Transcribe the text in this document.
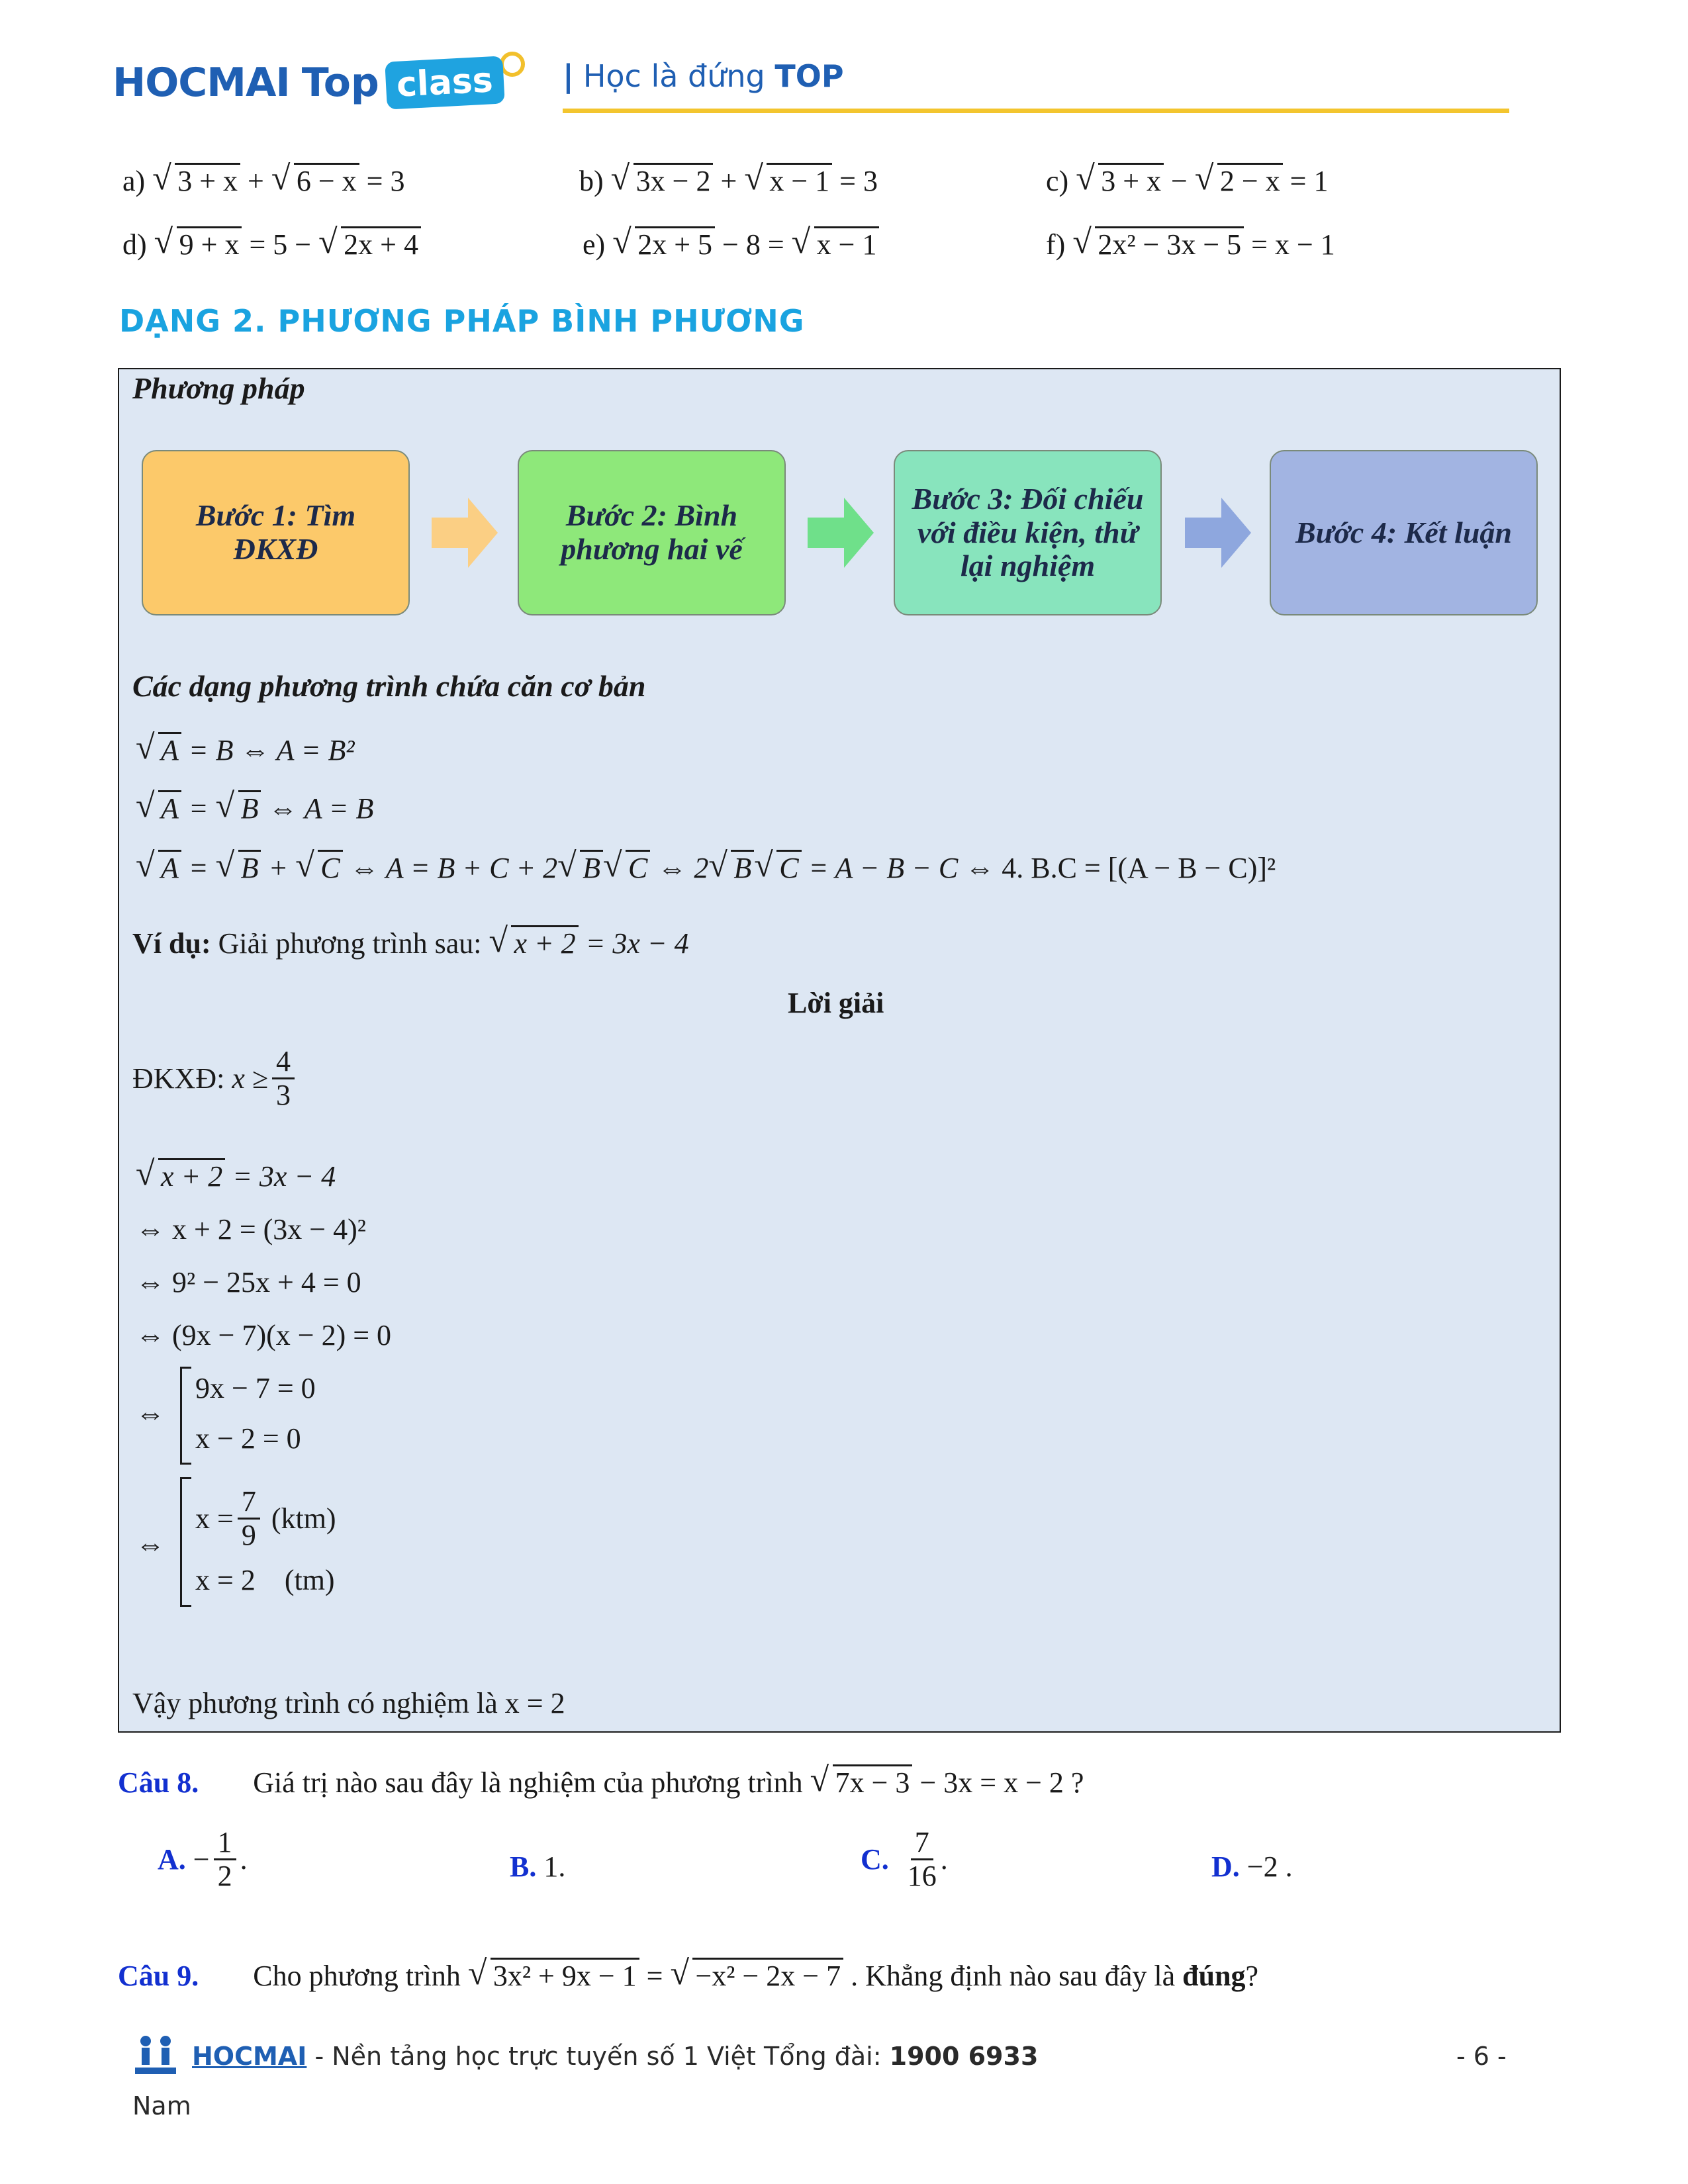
HOCMAI Top class	| Học là đứng TOP
a) √ 3 + x + √ 6 − x = 3	b) √ 3x − 2 + √ x − 1 = 3	c) √ 3 + x − √ 2 − x = 1
d) √ 9 + x = 5 − √ 2x + 4	e) √ 2x + 5 − 8 = √ x − 1	f) √ 2x² − 3x − 5 = x − 1
DẠNG 2. PHƯƠNG PHÁP BÌNH PHƯƠNG
Phương pháp
Bước 1: Tìm ĐKXĐ
Bước 2: Bình phương hai vế
Bước 3: Đối chiếu với điều kiện, thử lại nghiệm
Bước 4: Kết luận
Các dạng phương trình chứa căn cơ bản
√ A = B ⇔ A = B²
√ A = √ B ⇔ A = B
√ A = √ B + √ C ⇔ A = B + C + 2 √ B √ C ⇔ 2 √ B √ C = A − B − C ⇔ 4. B.C = [(A − B − C)]²
Ví dụ: Giải phương trình sau: √ x + 2 = 3x − 4
Lời giải
ĐKXĐ:
$x \ge \frac{4}{3}$
√ x + 2 = 3x − 4
⇔ x + 2 = (3x − 4)²
⇔ 9² − 25x + 4 = 0
⇔ (9x − 7)(x − 2) = 0
⇔
9x − 7 = 0
x − 2 = 0
⇔
$x = \frac{7}{9}$
(ktm)
x = 2 (tm)
Vậy phương trình có nghiệm là x = 2
Câu 8. Giá trị nào sau đây là nghiệm của phương trình √ 7x − 3 − 3x = x − 2 ?
A.
− $\frac{1}{2}$ .	B. 1.	C.
$\frac{7}{16}$ .	D. −2 .
Câu 9. Cho phương trình √ 3x² + 9x − 1 = √ −x² − 2x − 7 . Khẳng định nào sau đây là đúng?
HOCMAI - Nền tảng học trực tuyến số 1 Việt Tổng đài: 1900 6933	- 6 -
Nam
